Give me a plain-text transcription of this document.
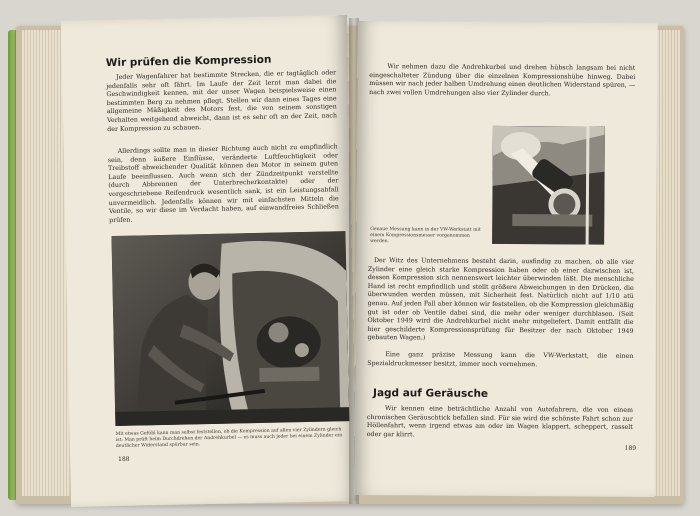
Wir prüfen die Kompression

Jeder Wagenfahrer hat bestimmte Strecken, die er tagtäglich oder jedenfalls sehr oft fährt. Im Laufe der Zeit lernt man dabei die Geschwindigkeit kennen, mit der unser Wagen beispielsweise einen bestimmten Berg zu nehmen pflegt. Stellen wir dann eines Tages eine allgemeine Mäßigkeit des Motors fest, die von seinem sonstigen Verhalten weitgehend abweicht, dann ist es sehr oft an der Zeit, nach der Kompression zu schauen.

Allerdings sollte man in dieser Richtung auch nicht zu empfindlich sein, denn äußere Einflüsse, veränderte Luftfeuchtigkeit oder Treibstoff abweichender Qualität können den Motor in seinem guten Laufe beeinflussen. Auch wenn sich der Zündzeitpunkt verstellte (durch Abbrennen der Unterbrecherkontakte) oder der vorgeschriebene Reifendruck wesentlich sank, ist ein Leistungsabfall unvermeidlich. Jedenfalls können wir mit einfachsten Mitteln die Ventile, so wir diese im Verdacht haben, auf einwandfreies Schließen prüfen.

Mit etwas Gefühl kann man selbst feststellen, ob die Kompression auf allen vier Zylindern gleich ist: Man prüft beim Durchdrehen der Andrehkurbel — es muss auch jeder bei einem Zylinder ein deutlicher Widerstand spürbar sein.

188

Wir nehmen dazu die Andrehkurbel und drehen hübsch langsam bei nicht eingeschalteter Zündung über die einzelnen Kompressionshübe hinweg. Dabei müssen wir nach jeder halben Umdrehung einen deutlichen Widerstand spüren, — nach zwei vollen Umdrehungen also vier Zylinder durch.

Genaue Messung kann in der VW-Werkstatt mit einem Kompressionsmesser vorgenommen werden.

Der Witz des Unternehmens besteht darin, ausfindig zu machen, ob alle vier Zylinder eine gleich starke Kompression haben oder ob einer dazwischen ist, dessen Kompression sich nennenswert leichter überwinden läßt. Die menschliche Hand ist recht empfindlich und stellt größere Abweichungen in den Drücken, die überwunden werden müssen, mit Sicherheit fest. Natürlich nicht auf 1/10 atü genau. Auf jeden Fall aber können wir feststellen, ob die Kompression gleichmäßig gut ist oder ob Ventile dabei sind, die mehr oder weniger durchblasen. (Seit Oktober 1949 wird die Andrehkurbel nicht mehr mitgeliefert. Damit entfällt die hier geschilderte Kompressionsprüfung für Besitzer der nach Oktober 1949 gebauten Wagen.)

Eine ganz präzise Messung kann die VW-Werkstatt, die einen Spezialdruckmesser besitzt, immer noch vornehmen.

Jagd auf Geräusche

Wir kennen eine beträchtliche Anzahl von Autofahrern, die von einem chronischen Geräuschtick befallen sind. Für sie wird die schönste Fahrt schon zur Höllenfahrt, wenn irgend etwas am oder im Wagen klappert, scheppert, rasselt oder gar klirrt.

189
